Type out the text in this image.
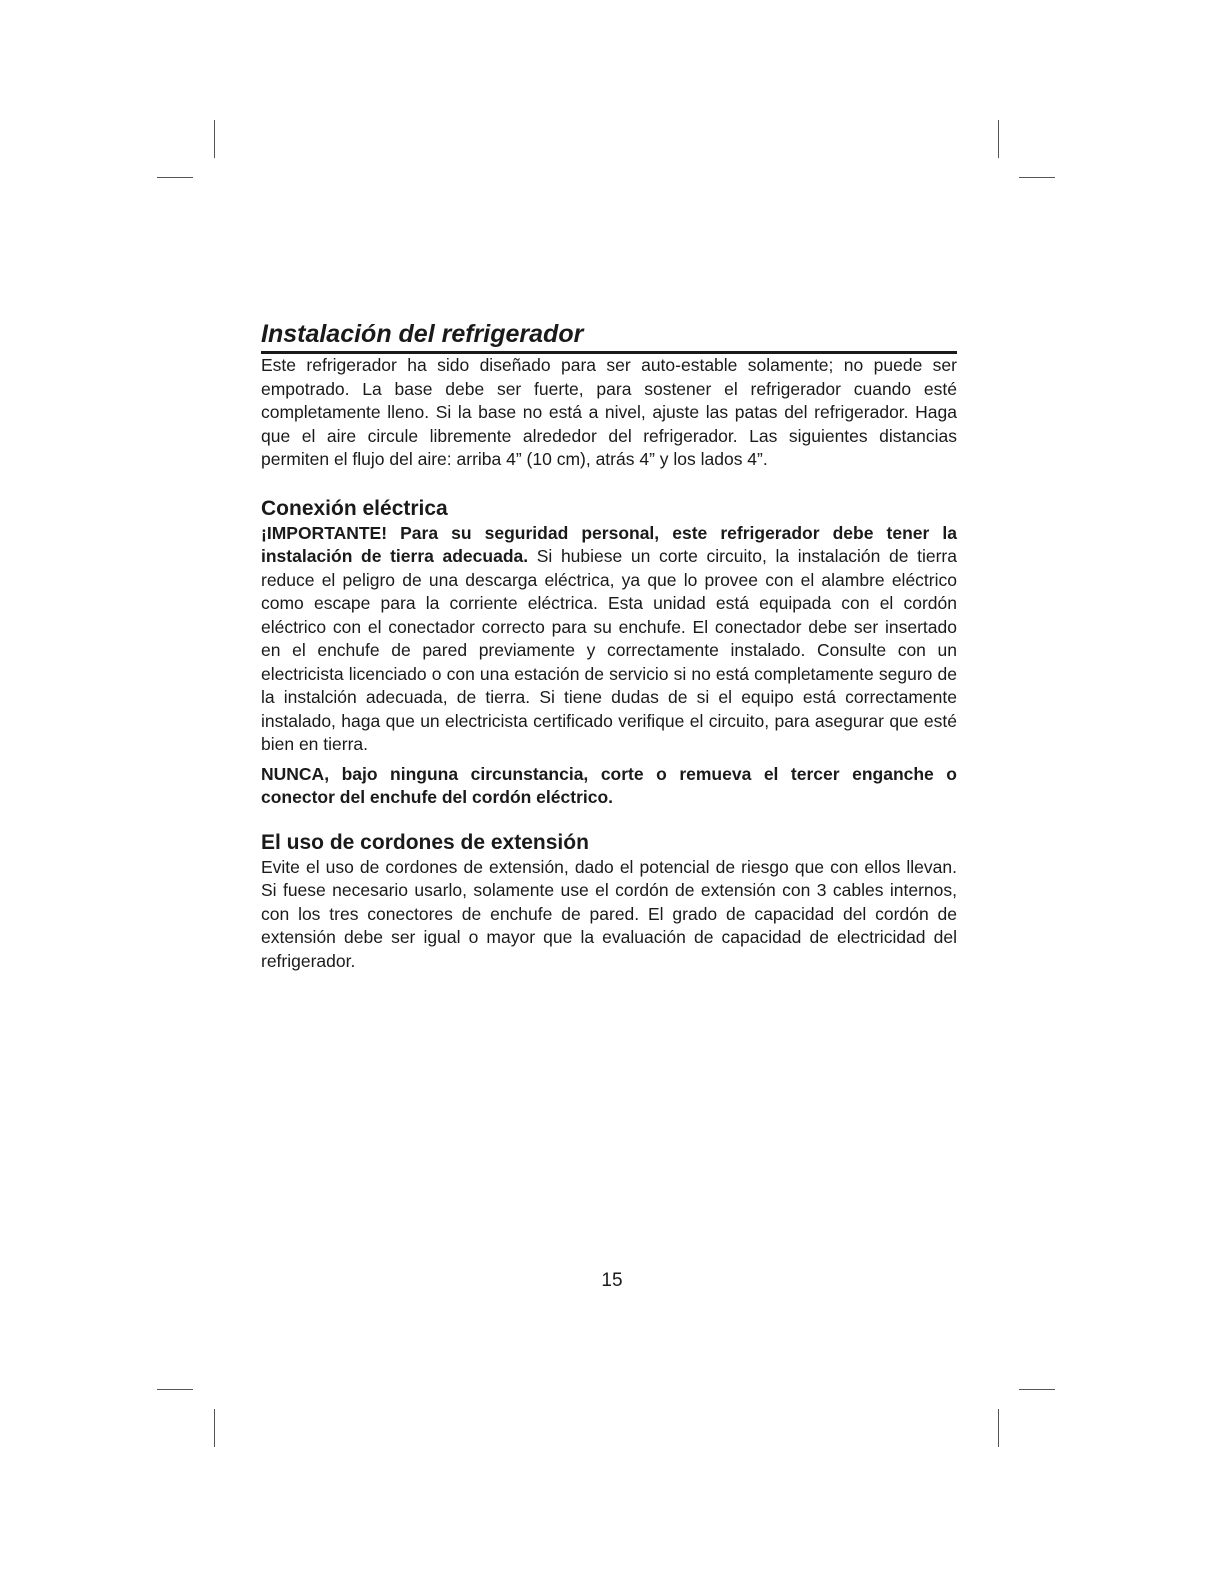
Instalación del refrigerador

Este refrigerador ha sido diseñado para ser auto-estable solamente; no puede ser empotrado. La base debe ser fuerte, para sostener el refrigerador cuando esté completamente lleno. Si la base no está a nivel, ajuste las patas del refrigerador. Haga que el aire circule libremente alrededor del refrigerador. Las siguientes distancias permiten el flujo del aire: arriba 4” (10 cm), atrás 4” y los lados 4”.

Conexión eléctrica

¡IMPORTANTE! Para su seguridad personal, este refrigerador debe tener la instalación de tierra adecuada. Si hubiese un corte circuito, la instalación de tierra reduce el peligro de una descarga eléctrica, ya que lo provee con el alambre eléctrico como escape para la corriente eléctrica. Esta unidad está equipada con el cordón eléctrico con el conectador correcto para su enchufe. El conectador debe ser insertado en el enchufe de pared previamente y correctamente instalado. Consulte con un electricista licenciado o con una estación de servicio si no está completamente seguro de la instalción adecuada, de tierra. Si tiene dudas de si el equipo está correctamente instalado, haga que un electricista certificado verifique el circuito, para asegurar que esté bien en tierra.

NUNCA, bajo ninguna circunstancia, corte o remueva el tercer enganche o conector del enchufe del cordón eléctrico.

El uso de cordones de extensión

Evite el uso de cordones de extensión, dado el potencial de riesgo que con ellos llevan. Si fuese necesario usarlo, solamente use el cordón de extensión con 3 cables internos, con los tres conectores de enchufe de pared. El grado de capacidad del cordón de extensión debe ser igual o mayor que la evaluación de capacidad de electricidad del refrigerador.

15
